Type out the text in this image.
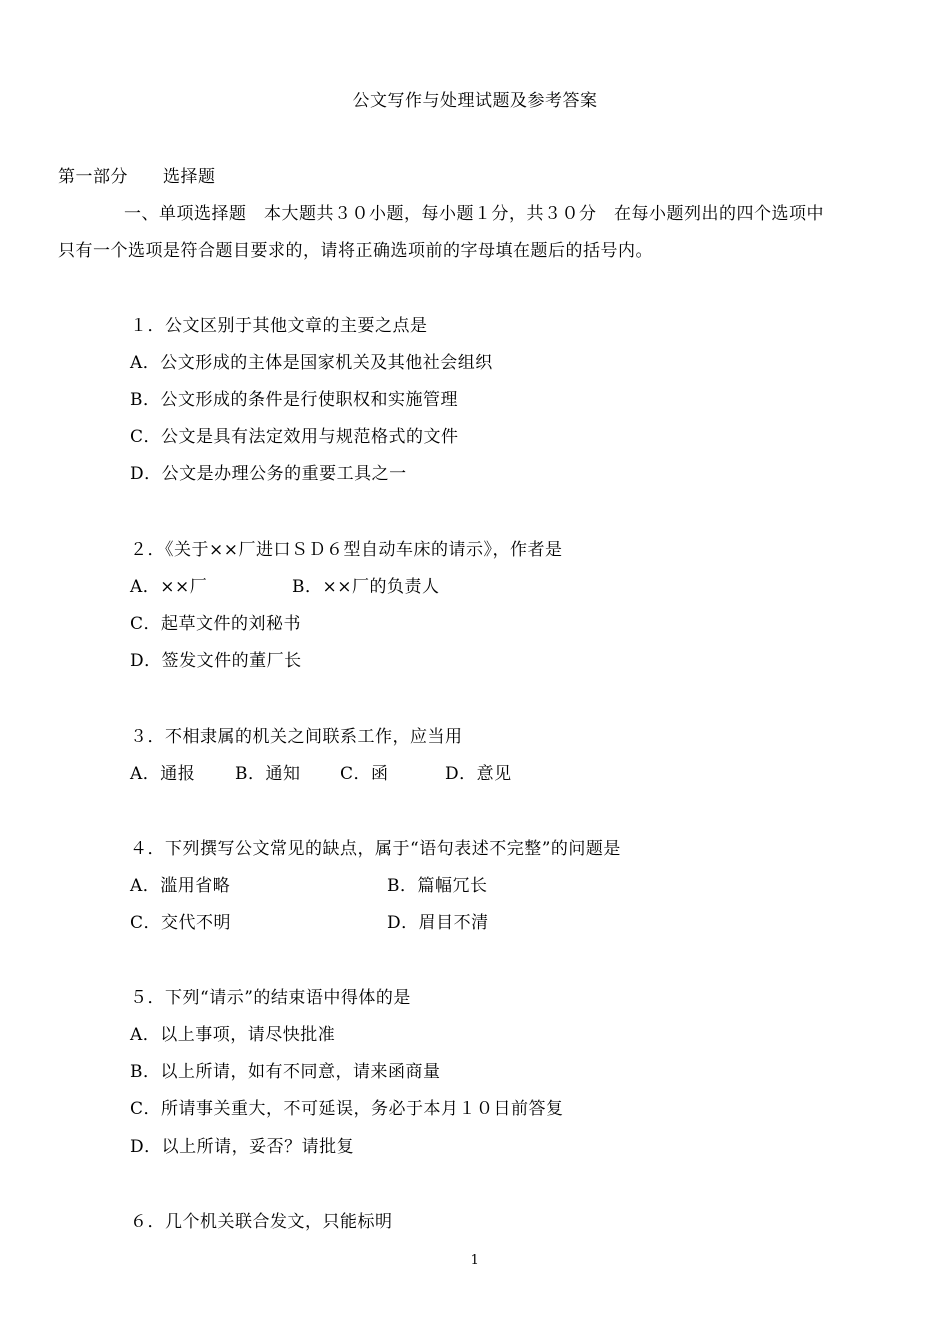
公文写作与处理试题及参考答案
第一部分　　选择题
一、单项选择题　本大题共３０小题，每小题１分，共３０分　在每小题列出的四个选项中
只有一个选项是符合题目要求的，请将正确选项前的字母填在题后的括号内。
１．公文区别于其他文章的主要之点是
A．公文形成的主体是国家机关及其他社会组织
B．公文形成的条件是行使职权和实施管理
C．公文是具有法定效用与规范格式的文件
D．公文是办理公务的重要工具之一
２．《关于××厂进口ＳＤ６型自动车床的请示》，作者是
A．××厂	B．××厂的负责人
C．起草文件的刘秘书
D．签发文件的董厂长
３．不相隶属的机关之间联系工作，应当用
A．通报 B．通知 C．函	D．意见
４．下列撰写公文常见的缺点，属于“语句表述不完整”的问题是
A．滥用省略	B．篇幅冗长
C．交代不明	D．眉目不清
５．下列“请示”的结束语中得体的是
A．以上事项，请尽快批准
B．以上所请，如有不同意，请来函商量
C．所请事关重大，不可延误，务必于本月１０日前答复
D．以上所请，妥否？请批复
６．几个机关联合发文，只能标明
1
